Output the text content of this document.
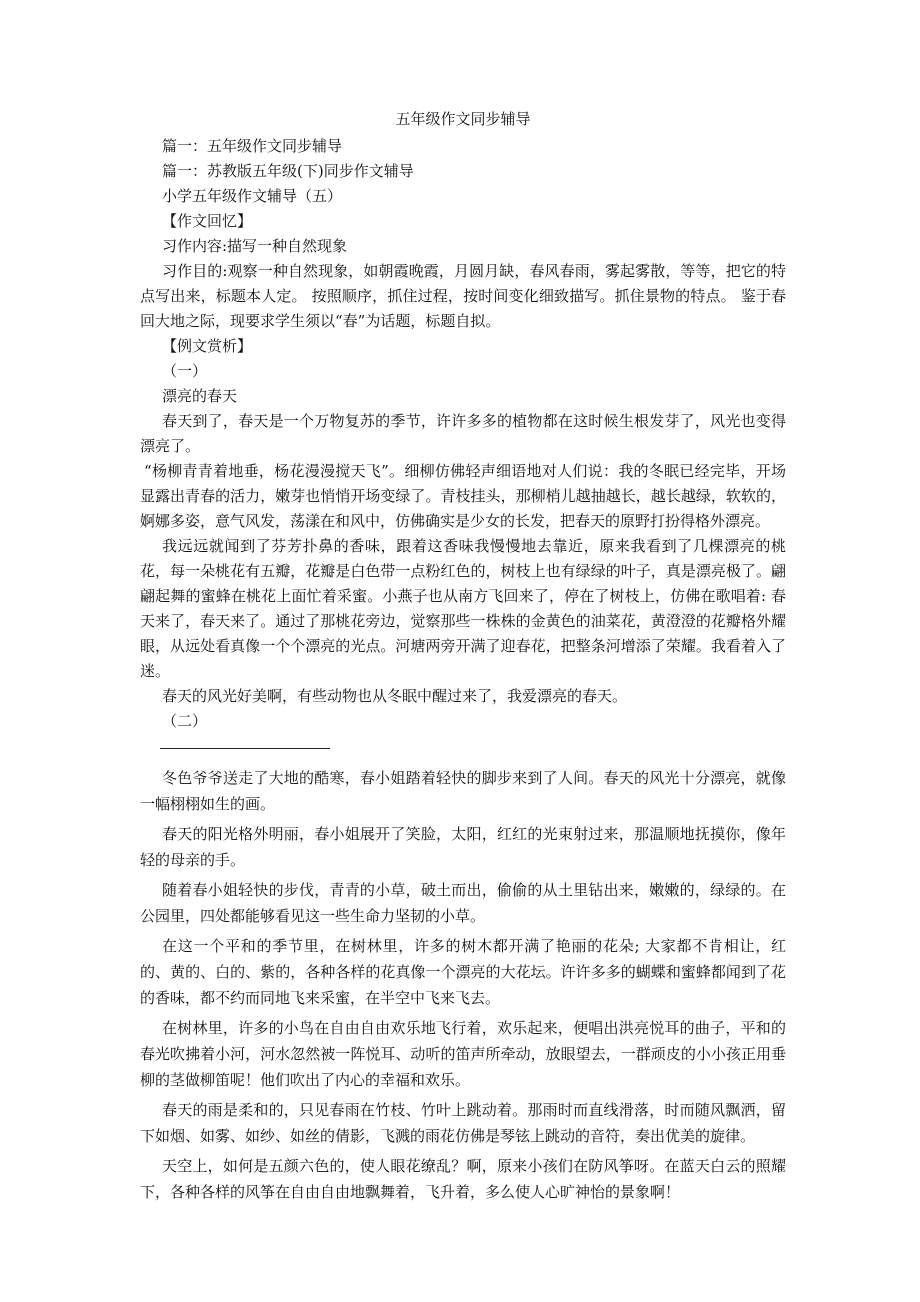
五年级作文同步辅导

篇一：五年级作文同步辅导

篇一：苏教版五年级(下)同步作文辅导

小学五年级作文辅导（五）

【作文回忆】

习作内容:描写一种自然现象

习作目的:观察一种自然现象，如朝霞晚霞，月圆月缺，春风春雨，雾起雾散，等等，把它的特点写出来，标题本人定。 按照顺序，抓住过程，按时间变化细致描写。抓住景物的特点。 鉴于春回大地之际，现要求学生须以“春”为话题，标题自拟。

【例文赏析】

（一）

漂亮的春天

春天到了，春天是一个万物复苏的季节，许许多多的植物都在这时候生根发芽了，风光也变得漂亮了。

“杨柳青青着地垂，杨花漫漫搅天飞”。细柳仿佛轻声细语地对人们说：我的冬眠已经完毕，开场显露出青春的活力，嫩芽也悄悄开场变绿了。青枝挂头，那柳梢儿越抽越长，越长越绿，软软的，婀娜多姿，意气风发，荡漾在和风中，仿佛确实是少女的长发，把春天的原野打扮得格外漂亮。

我远远就闻到了芬芳扑鼻的香味，跟着这香味我慢慢地去靠近，原来我看到了几棵漂亮的桃花，每一朵桃花有五瓣，花瓣是白色带一点粉红色的，树枝上也有绿绿的叶子，真是漂亮极了。翩翩起舞的蜜蜂在桃花上面忙着采蜜。小燕子也从南方飞回来了，停在了树枝上，仿佛在歌唱着: 春天来了，春天来了。通过了那桃花旁边，觉察那些一株株的金黄色的油菜花，黄澄澄的花瓣格外耀眼，从远处看真像一个个漂亮的光点。河塘两旁开满了迎春花，把整条河增添了荣耀。我看着入了迷。

春天的风光好美啊，有些动物也从冬眠中醒过来了，我爱漂亮的春天。

（二）

冬色爷爷送走了大地的酷寒，春小姐踏着轻快的脚步来到了人间。春天的风光十分漂亮，就像一幅栩栩如生的画。

春天的阳光格外明丽，春小姐展开了笑脸，太阳，红红的光束射过来，那温顺地抚摸你，像年轻的母亲的手。

随着春小姐轻快的步伐，青青的小草，破土而出，偷偷的从土里钻出来，嫩嫩的，绿绿的。在公园里，四处都能够看见这一些生命力坚韧的小草。

在这一个平和的季节里，在树林里，许多的树木都开满了艳丽的花朵; 大家都不肯相让，红的、黄的、白的、紫的，各种各样的花真像一个漂亮的大花坛。许许多多的蝴蝶和蜜蜂都闻到了花的香味，都不约而同地飞来采蜜，在半空中飞来飞去。

在树林里，许多的小鸟在自由自由欢乐地飞行着，欢乐起来，便唱出洪亮悦耳的曲子，平和的春光吹拂着小河，河水忽然被一阵悦耳、动听的笛声所牵动，放眼望去，一群顽皮的小小孩正用垂柳的茎做柳笛呢！他们吹出了内心的幸福和欢乐。

春天的雨是柔和的，只见春雨在竹枝、竹叶上跳动着。那雨时而直线滑落，时而随风飘洒，留下如烟、如雾、如纱、如丝的倩影，飞溅的雨花仿佛是琴铉上跳动的音符，奏出优美的旋律。

天空上，如何是五颜六色的，使人眼花缭乱？啊，原来小孩们在防风筝呀。在蓝天白云的照耀下，各种各样的风筝在自由自由地飘舞着，飞升着，多么使人心旷神怡的景象啊！
